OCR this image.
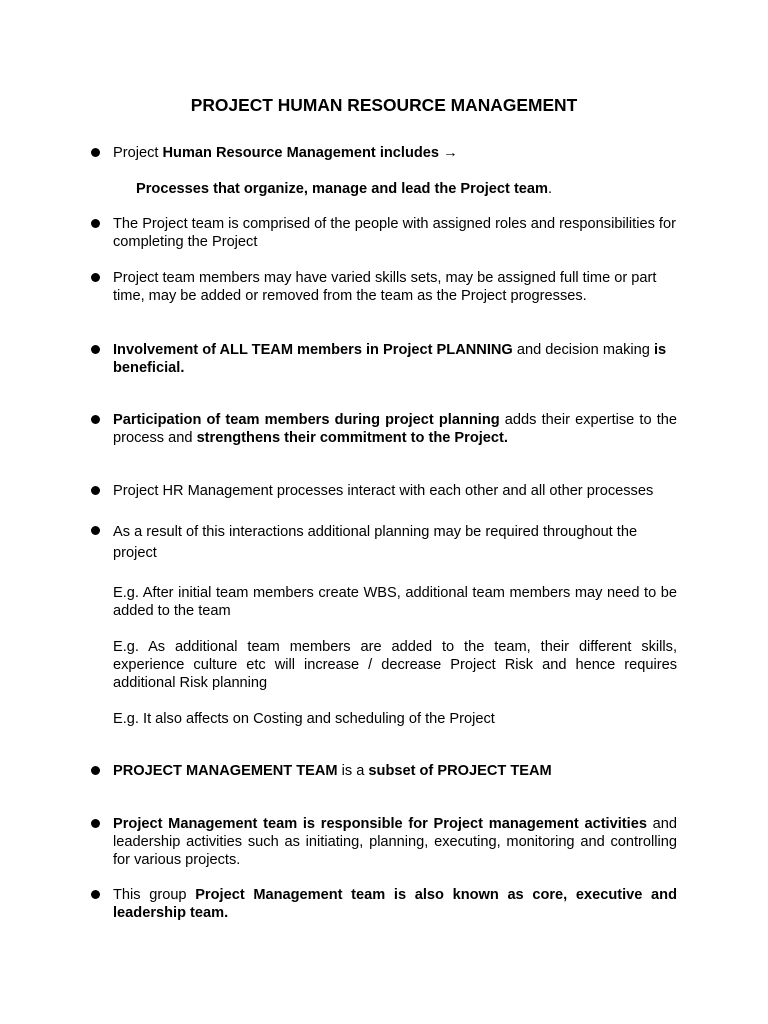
PROJECT HUMAN RESOURCE MANAGEMENT
Project Human Resource Management includes →
Processes that organize, manage and lead the Project team.
The Project team is comprised of the people with assigned roles and responsibilities for completing the Project
Project team members may have varied skills sets, may be assigned full time or part time, may be added or removed from the team as the Project progresses.
Involvement of ALL TEAM members in Project PLANNING and decision making is beneficial.
Participation of team members during project planning adds their expertise to the process and strengthens their commitment to the Project.
Project HR Management processes interact with each other and all other processes
As a result of this interactions additional planning may be required throughout the project
E.g. After initial team members create WBS, additional team members may need to be added to the team
E.g. As additional team members are added to the team, their different skills, experience culture etc will increase / decrease Project Risk and hence requires additional Risk planning
E.g. It also affects on Costing and scheduling of the Project
PROJECT MANAGEMENT TEAM is a subset of PROJECT TEAM
Project Management team is responsible for Project management activities and leadership activities such as initiating, planning, executing, monitoring and controlling for various projects.
This group Project Management team is also known as core, executive and leadership team.
